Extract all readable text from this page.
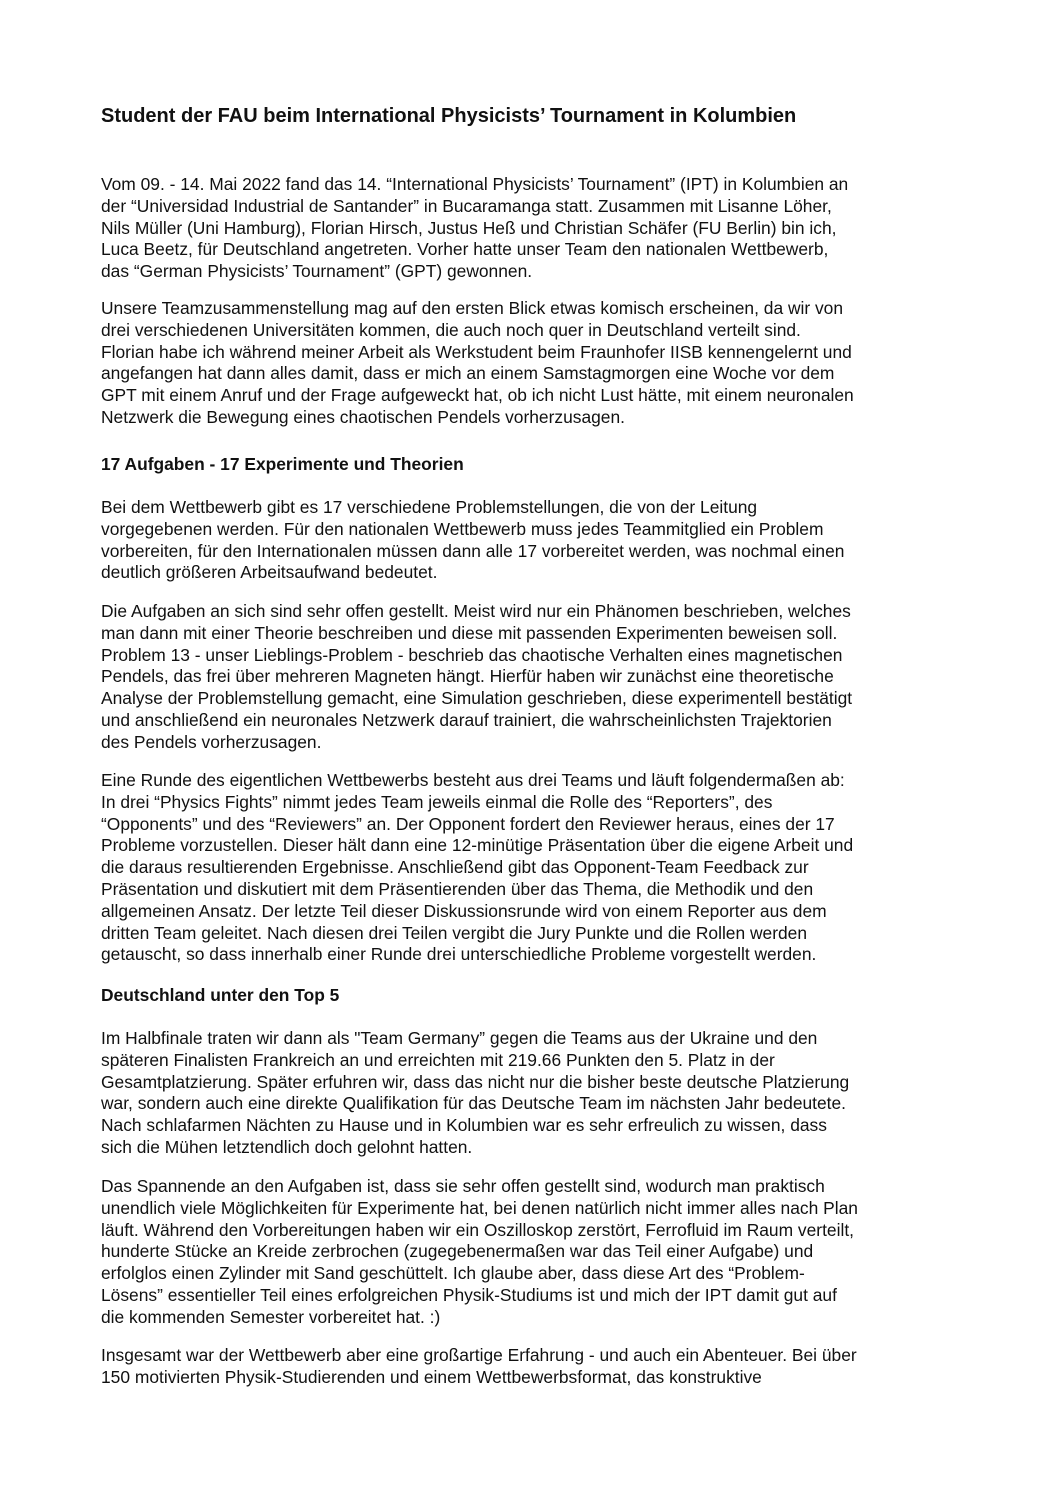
Student der FAU beim International Physicists’ Tournament in Kolumbien

Vom 09. - 14. Mai 2022 fand das 14. “International Physicists’ Tournament” (IPT) in Kolumbien an
der “Universidad Industrial de Santander” in Bucaramanga statt. Zusammen mit Lisanne Löher,
Nils Müller (Uni Hamburg), Florian Hirsch, Justus Heß und Christian Schäfer (FU Berlin) bin ich,
Luca Beetz, für Deutschland angetreten. Vorher hatte unser Team den nationalen Wettbewerb,
das “German Physicists’ Tournament” (GPT) gewonnen.

Unsere Teamzusammenstellung mag auf den ersten Blick etwas komisch erscheinen, da wir von
drei verschiedenen Universitäten kommen, die auch noch quer in Deutschland verteilt sind.
Florian habe ich während meiner Arbeit als Werkstudent beim Fraunhofer IISB kennengelernt und
angefangen hat dann alles damit, dass er mich an einem Samstagmorgen eine Woche vor dem
GPT mit einem Anruf und der Frage aufgeweckt hat, ob ich nicht Lust hätte, mit einem neuronalen
Netzwerk die Bewegung eines chaotischen Pendels vorherzusagen.

17 Aufgaben - 17 Experimente und Theorien

Bei dem Wettbewerb gibt es 17 verschiedene Problemstellungen, die von der Leitung
vorgegebenen werden. Für den nationalen Wettbewerb muss jedes Teammitglied ein Problem
vorbereiten, für den Internationalen müssen dann alle 17 vorbereitet werden, was nochmal einen
deutlich größeren Arbeitsaufwand bedeutet.

Die Aufgaben an sich sind sehr offen gestellt. Meist wird nur ein Phänomen beschrieben, welches
man dann mit einer Theorie beschreiben und diese mit passenden Experimenten beweisen soll.
Problem 13 - unser Lieblings-Problem - beschrieb das chaotische Verhalten eines magnetischen
Pendels, das frei über mehreren Magneten hängt. Hierfür haben wir zunächst eine theoretische
Analyse der Problemstellung gemacht, eine Simulation geschrieben, diese experimentell bestätigt
und anschließend ein neuronales Netzwerk darauf trainiert, die wahrscheinlichsten Trajektorien
des Pendels vorherzusagen.

Eine Runde des eigentlichen Wettbewerbs besteht aus drei Teams und läuft folgendermaßen ab:
In drei “Physics Fights” nimmt jedes Team jeweils einmal die Rolle des “Reporters”, des
“Opponents” und des “Reviewers” an. Der Opponent fordert den Reviewer heraus, eines der 17
Probleme vorzustellen. Dieser hält dann eine 12-minütige Präsentation über die eigene Arbeit und
die daraus resultierenden Ergebnisse. Anschließend gibt das Opponent-Team Feedback zur
Präsentation und diskutiert mit dem Präsentierenden über das Thema, die Methodik und den
allgemeinen Ansatz. Der letzte Teil dieser Diskussionsrunde wird von einem Reporter aus dem
dritten Team geleitet. Nach diesen drei Teilen vergibt die Jury Punkte und die Rollen werden
getauscht, so dass innerhalb einer Runde drei unterschiedliche Probleme vorgestellt werden.

Deutschland unter den Top 5

Im Halbfinale traten wir dann als "Team Germany” gegen die Teams aus der Ukraine und den
späteren Finalisten Frankreich an und erreichten mit 219.66 Punkten den 5. Platz in der
Gesamtplatzierung. Später erfuhren wir, dass das nicht nur die bisher beste deutsche Platzierung
war, sondern auch eine direkte Qualifikation für das Deutsche Team im nächsten Jahr bedeutete.
Nach schlafarmen Nächten zu Hause und in Kolumbien war es sehr erfreulich zu wissen, dass
sich die Mühen letztendlich doch gelohnt hatten.

Das Spannende an den Aufgaben ist, dass sie sehr offen gestellt sind, wodurch man praktisch
unendlich viele Möglichkeiten für Experimente hat, bei denen natürlich nicht immer alles nach Plan
läuft. Während den Vorbereitungen haben wir ein Oszilloskop zerstört, Ferrofluid im Raum verteilt,
hunderte Stücke an Kreide zerbrochen (zugegebenermaßen war das Teil einer Aufgabe) und
erfolglos einen Zylinder mit Sand geschüttelt. Ich glaube aber, dass diese Art des “Problem-
Lösens” essentieller Teil eines erfolgreichen Physik-Studiums ist und mich der IPT damit gut auf
die kommenden Semester vorbereitet hat. :)

Insgesamt war der Wettbewerb aber eine großartige Erfahrung - und auch ein Abenteuer. Bei über
150 motivierten Physik-Studierenden und einem Wettbewerbsformat, das konstruktive
